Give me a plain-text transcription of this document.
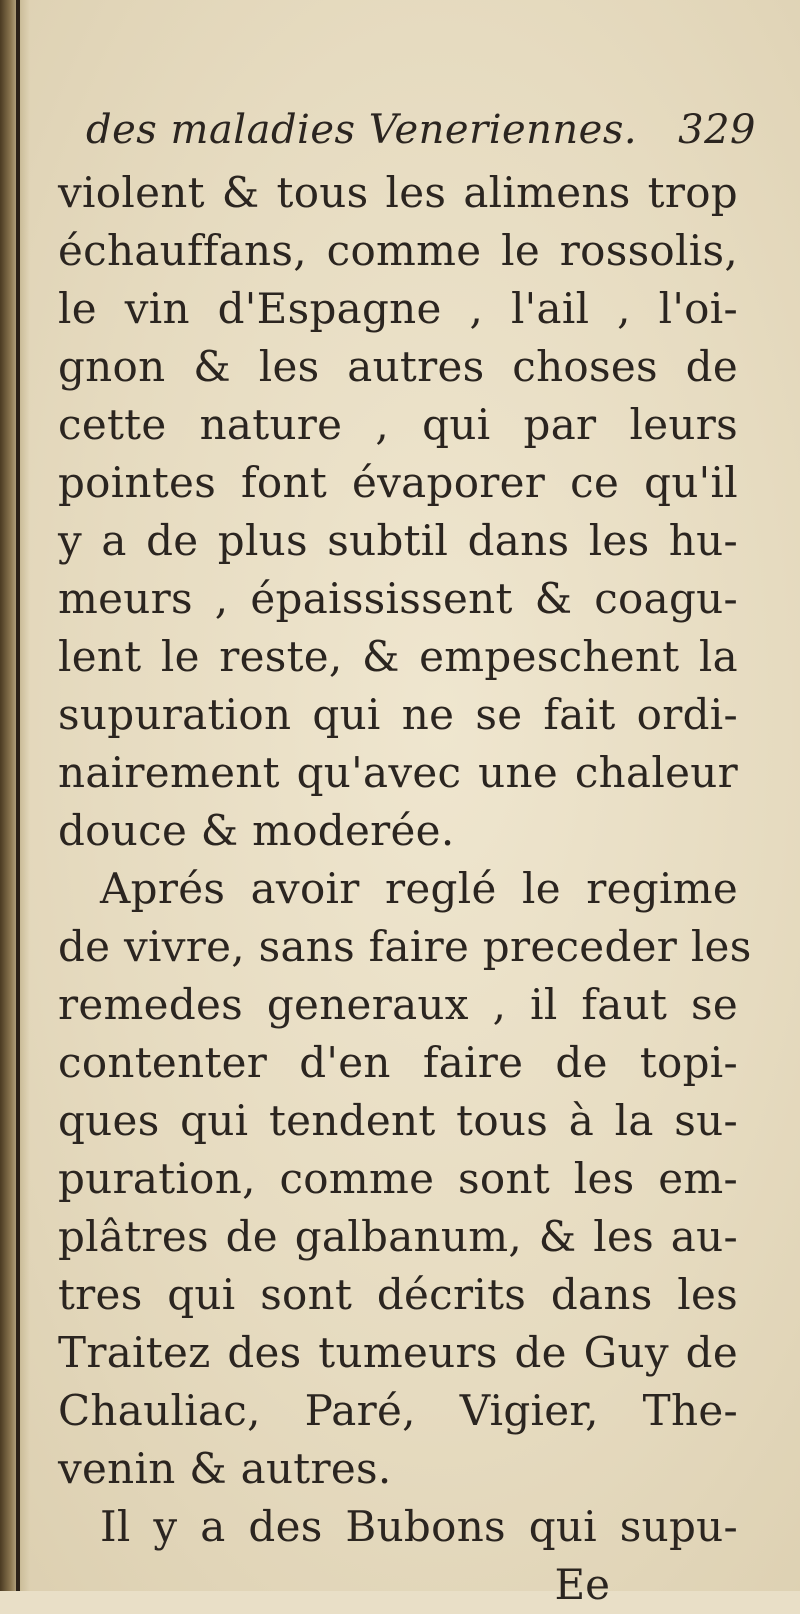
des maladies Veneriennes. 329
violent & tous les alimens trop
échauffans, comme le rossolis,
le vin d'Espagne , l'ail , l'oi-
gnon & les autres choses de
cette nature , qui par leurs
pointes font évaporer ce qu'il
y a de plus subtil dans les hu-
meurs , épaississent & coagu-
lent le reste, & empeschent la
supuration qui ne se fait ordi-
nairement qu'avec une chaleur
douce & moderée.
Aprés avoir reglé le regime
de vivre, sans faire preceder les
remedes generaux , il faut se
contenter d'en faire de topi-
ques qui tendent tous à la su-
puration, comme sont les em-
plâtres de galbanum, & les au-
tres qui sont décrits dans les
Traitez des tumeurs de Guy de
Chauliac, Paré, Vigier, The-
venin & autres.
Il y a des Bubons qui supu-
Ee
